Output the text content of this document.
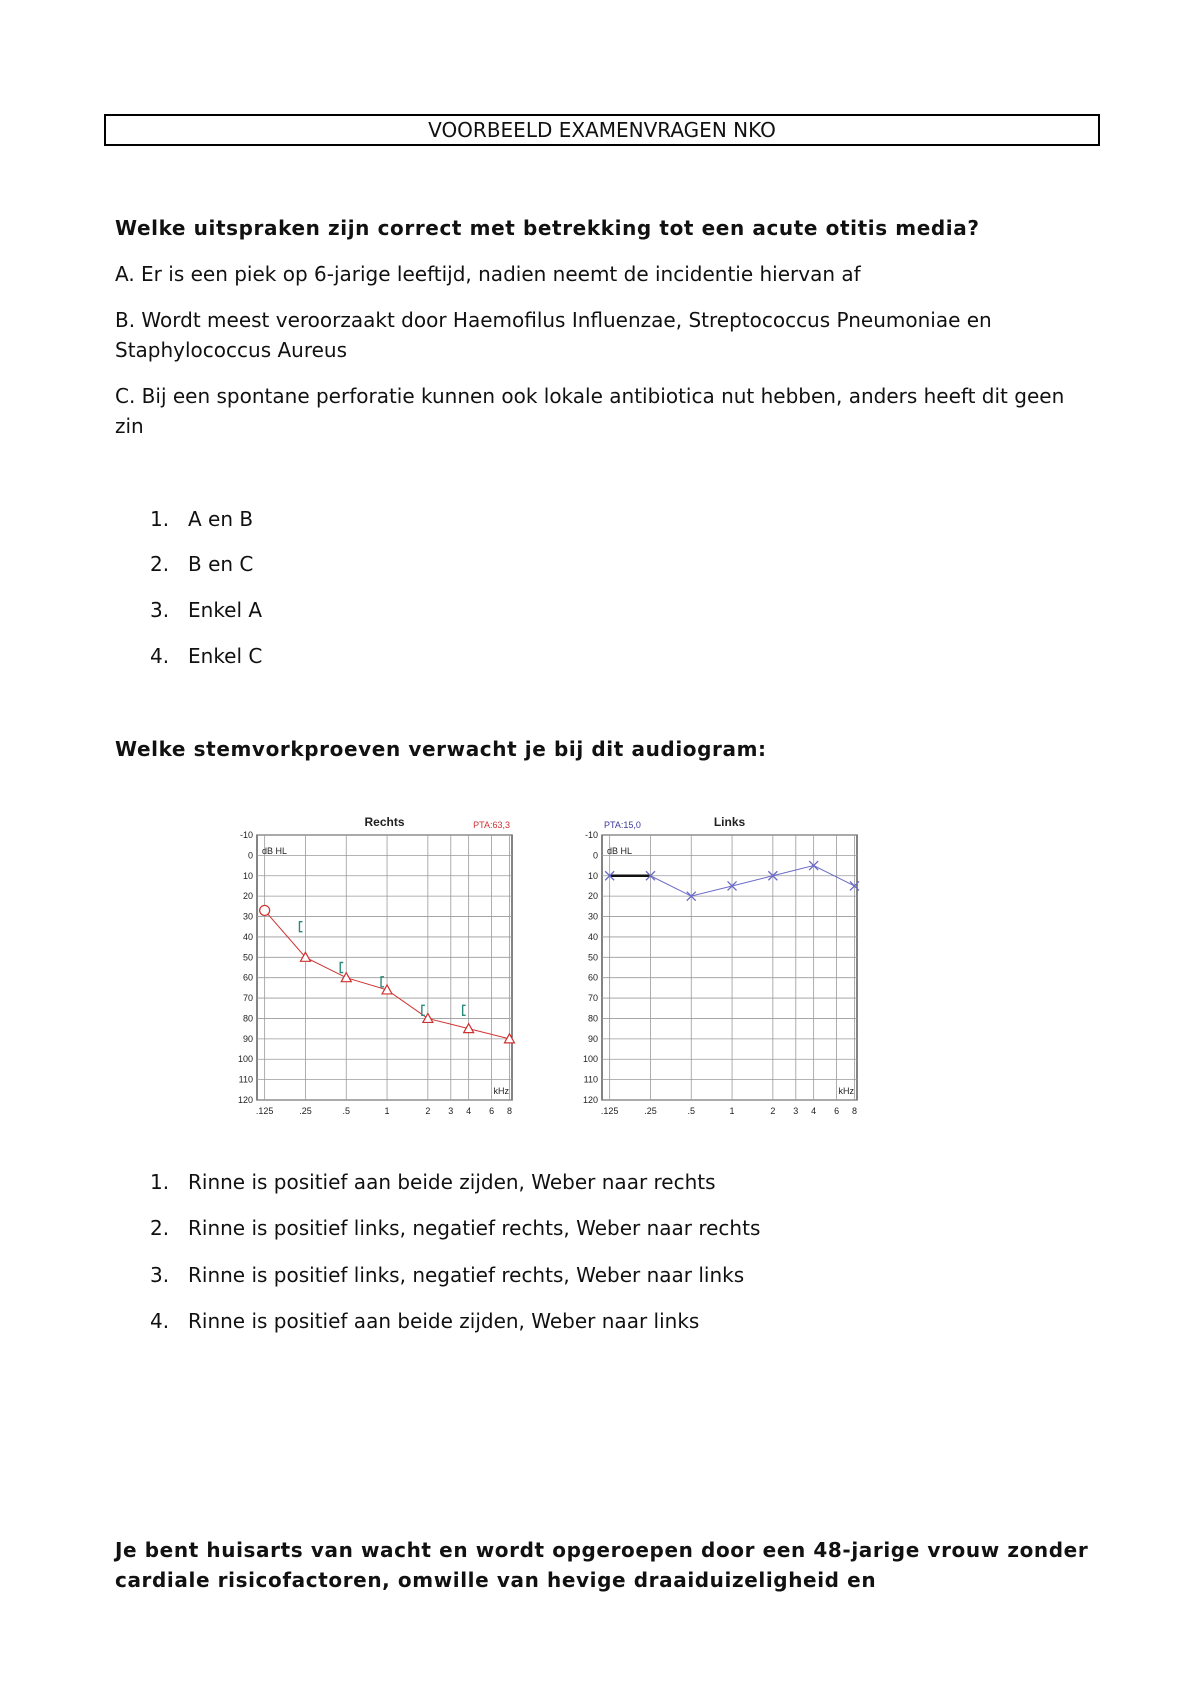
VOORBEELD EXAMENVRAGEN NKO
Welke uitspraken zijn correct met betrekking tot een acute otitis media?
A. Er is een piek op 6-jarige leeftijd, nadien neemt de incidentie hiervan af
B. Wordt meest veroorzaakt door Haemofilus Influenzae, Streptococcus Pneumoniae en Staphylococcus Aureus
C. Bij een spontane perforatie kunnen ook lokale antibiotica nut hebben, anders heeft dit geen zin
1. A en B
2. B en C
3. Enkel A
4. Enkel C
Welke stemvorkproeven verwacht je bij dit audiogram:
Rechts	PTA:63,3
-10
0
10
20
30
40
50
60
70
80
90
100
110
120
.125	.25	.5	1	2 3 4 6 8
dB HL
kHz
Links
PTA:15,0
-10
0
10
20
30
40
50
60
70
80
90
100
110
120
.125	.25	.5	1	2 3 4 6 8
dB HL
kHz
1. Rinne is positief aan beide zijden, Weber naar rechts
2. Rinne is positief links, negatief rechts, Weber naar rechts
3. Rinne is positief links, negatief rechts, Weber naar links
4. Rinne is positief aan beide zijden, Weber naar links
Je bent huisarts van wacht en wordt opgeroepen door een 48-jarige vrouw zonder cardiale risicofactoren, omwille van hevige draaiduizeligheid en
